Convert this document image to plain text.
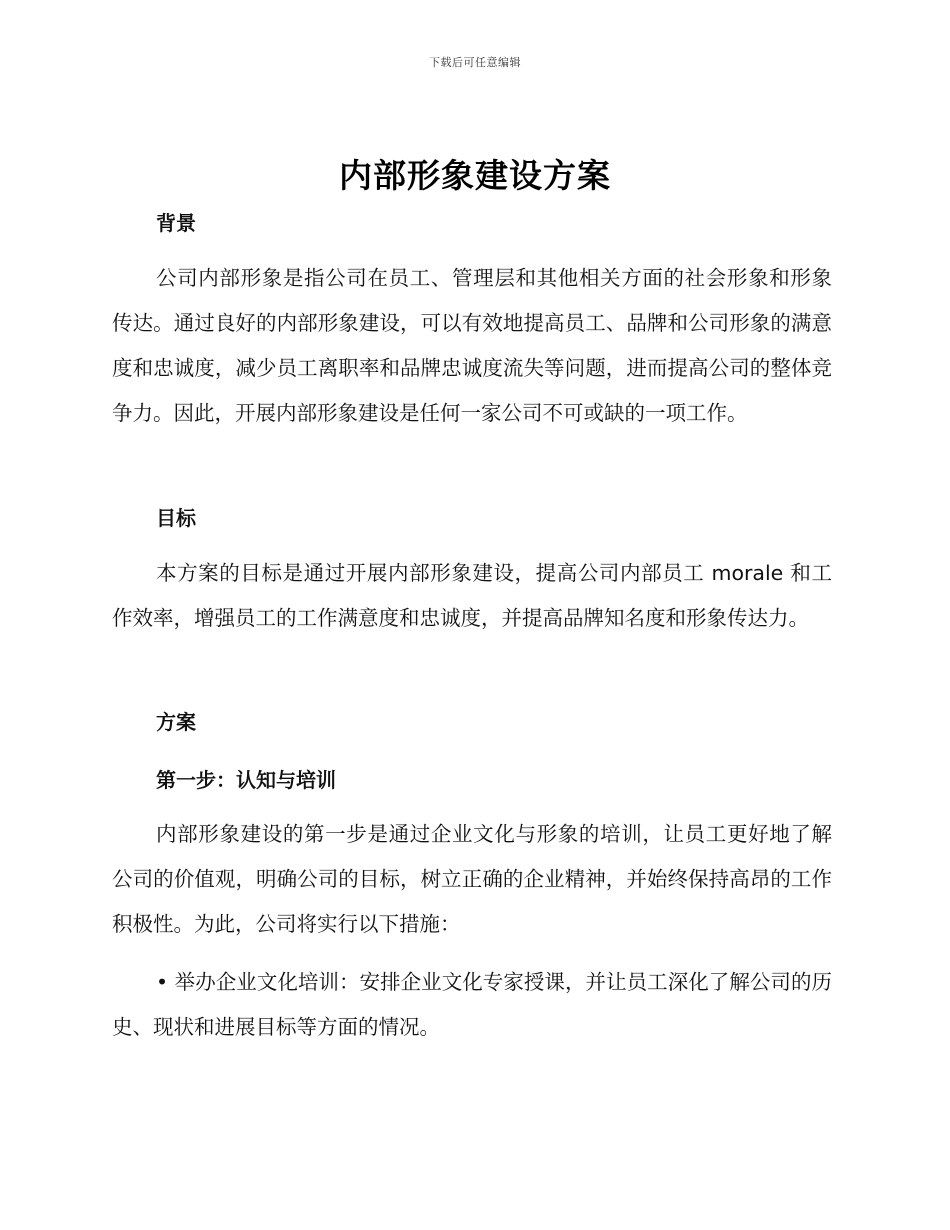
下载后可任意编辑
内部形象建设方案
背景

公司内部形象是指公司在员工、管理层和其他相关方面的社会形象和形象传达。通过良好的内部形象建设，可以有效地提高员工、品牌和公司形象的满意度和忠诚度，减少员工离职率和品牌忠诚度流失等问题，进而提高公司的整体竞争力。因此，开展内部形象建设是任何一家公司不可或缺的一项工作。

目标

本方案的目标是通过开展内部形象建设，提高公司内部员工 morale 和工作效率，增强员工的工作满意度和忠诚度，并提高品牌知名度和形象传达力。

方案
第一步：认知与培训

内部形象建设的第一步是通过企业文化与形象的培训，让员工更好地了解公司的价值观，明确公司的目标，树立正确的企业精神，并始终保持高昂的工作积极性。为此，公司将实行以下措施：

• 举办企业文化培训：安排企业文化专家授课，并让员工深化了解公司的历史、现状和进展目标等方面的情况。
